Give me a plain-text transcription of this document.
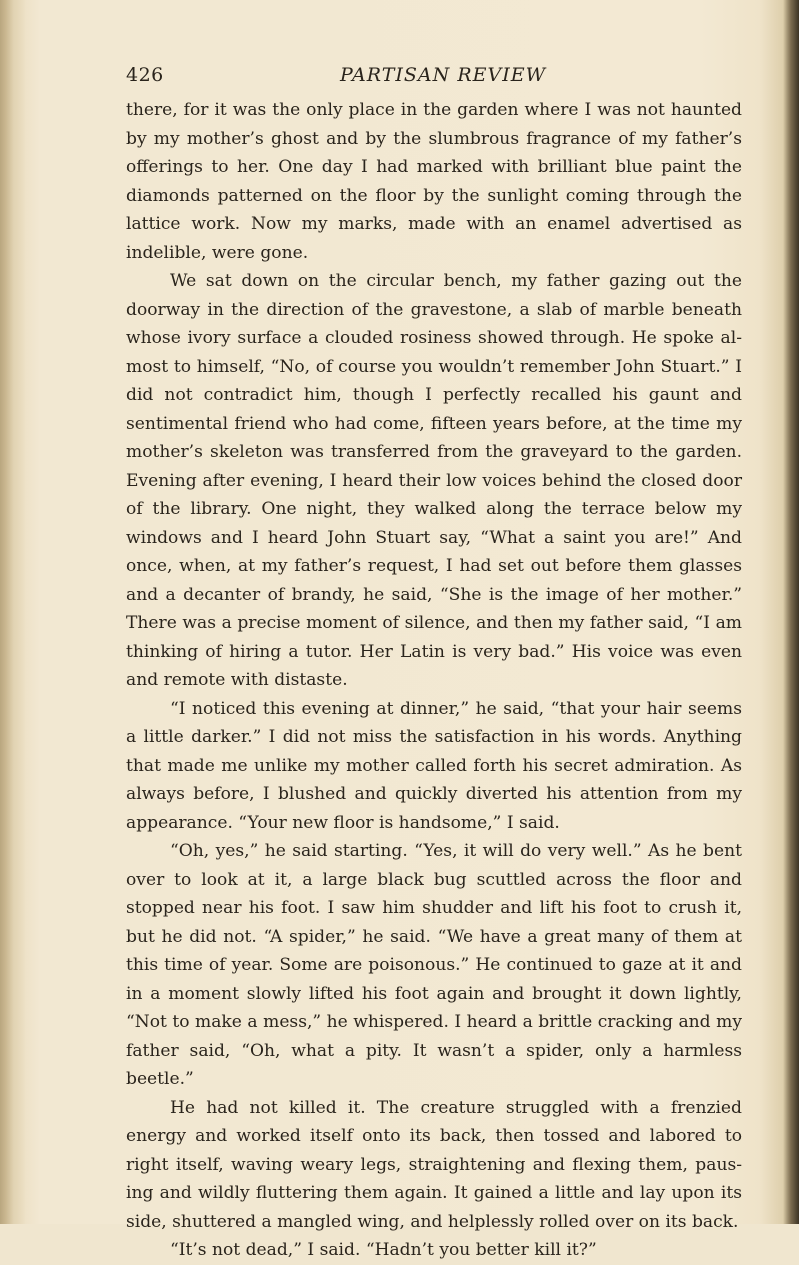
426	PARTISAN REVIEW

there, for it was the only place in the garden where I was not haunted by my mother’s ghost and by the slumbrous fragrance of my father’s offerings to her. One day I had marked with brilliant blue paint the diamonds patterned on the floor by the sunlight coming through the lattice work. Now my marks, made with an enamel advertised as indelible, were gone.

We sat down on the circular bench, my father gazing out the doorway in the direction of the gravestone, a slab of marble beneath whose ivory surface a clouded rosiness showed through. He spoke al-most to himself, “No, of course you wouldn’t remember John Stuart.” I did not contradict him, though I perfectly recalled his gaunt and sentimental friend who had come, fifteen years before, at the time my mother’s skeleton was transferred from the graveyard to the garden. Evening after evening, I heard their low voices behind the closed door of the library. One night, they walked along the terrace below my windows and I heard John Stuart say, “What a saint you are!” And once, when, at my father’s request, I had set out before them glasses and a decanter of brandy, he said, “She is the image of her mother.” There was a precise moment of silence, and then my father said, “I am thinking of hiring a tutor. Her Latin is very bad.” His voice was even and remote with distaste.

“I noticed this evening at dinner,” he said, “that your hair seems a little darker.” I did not miss the satisfaction in his words. Anything that made me unlike my mother called forth his secret admiration. As always before, I blushed and quickly diverted his attention from my appearance. “Your new floor is handsome,” I said.

“Oh, yes,” he said starting. “Yes, it will do very well.” As he bent over to look at it, a large black bug scuttled across the floor and stopped near his foot. I saw him shudder and lift his foot to crush it, but he did not. “A spider,” he said. “We have a great many of them at this time of year. Some are poisonous.” He continued to gaze at it and in a moment slowly lifted his foot again and brought it down lightly, “Not to make a mess,” he whispered. I heard a brittle cracking and my father said, “Oh, what a pity. It wasn’t a spider, only a harmless beetle.”

He had not killed it. The creature struggled with a frenzied energy and worked itself onto its back, then tossed and labored to right itself, waving weary legs, straightening and flexing them, paus-ing and wildly fluttering them again. It gained a little and lay upon its side, shuttered a mangled wing, and helplessly rolled over on its back.

“It’s not dead,” I said. “Hadn’t you better kill it?”
